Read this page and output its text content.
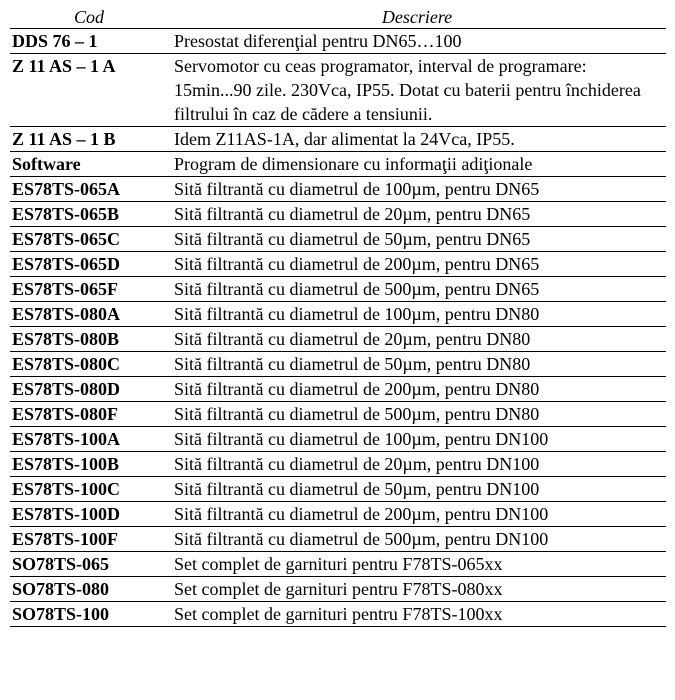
Cod	Descriere
DDS 76 – 1	Presostat diferenţial pentru DN65…100
Z 11 AS – 1 A	Servomotor cu ceas programator, interval de programare: 15min...90 zile. 230Vca, IP55. Dotat cu baterii pentru închiderea filtrului în caz de cădere a tensiunii.
Z 11 AS – 1 B	Idem Z11AS-1A, dar alimentat la 24Vca, IP55.
Software	Program de dimensionare cu informaţii adiţionale
ES78TS-065A	Sită filtrantă cu diametrul de 100µm, pentru DN65
ES78TS-065B	Sită filtrantă cu diametrul de 20µm, pentru DN65
ES78TS-065C	Sită filtrantă cu diametrul de 50µm, pentru DN65
ES78TS-065D	Sită filtrantă cu diametrul de 200µm, pentru DN65
ES78TS-065F	Sită filtrantă cu diametrul de 500µm, pentru DN65
ES78TS-080A	Sită filtrantă cu diametrul de 100µm, pentru DN80
ES78TS-080B	Sită filtrantă cu diametrul de 20µm, pentru DN80
ES78TS-080C	Sită filtrantă cu diametrul de 50µm, pentru DN80
ES78TS-080D	Sită filtrantă cu diametrul de 200µm, pentru DN80
ES78TS-080F	Sită filtrantă cu diametrul de 500µm, pentru DN80
ES78TS-100A	Sită filtrantă cu diametrul de 100µm, pentru DN100
ES78TS-100B	Sită filtrantă cu diametrul de 20µm, pentru DN100
ES78TS-100C	Sită filtrantă cu diametrul de 50µm, pentru DN100
ES78TS-100D	Sită filtrantă cu diametrul de 200µm, pentru DN100
ES78TS-100F	Sită filtrantă cu diametrul de 500µm, pentru DN100
SO78TS-065	Set complet de garnituri pentru F78TS-065xx
SO78TS-080	Set complet de garnituri pentru F78TS-080xx
SO78TS-100	Set complet de garnituri pentru F78TS-100xx
